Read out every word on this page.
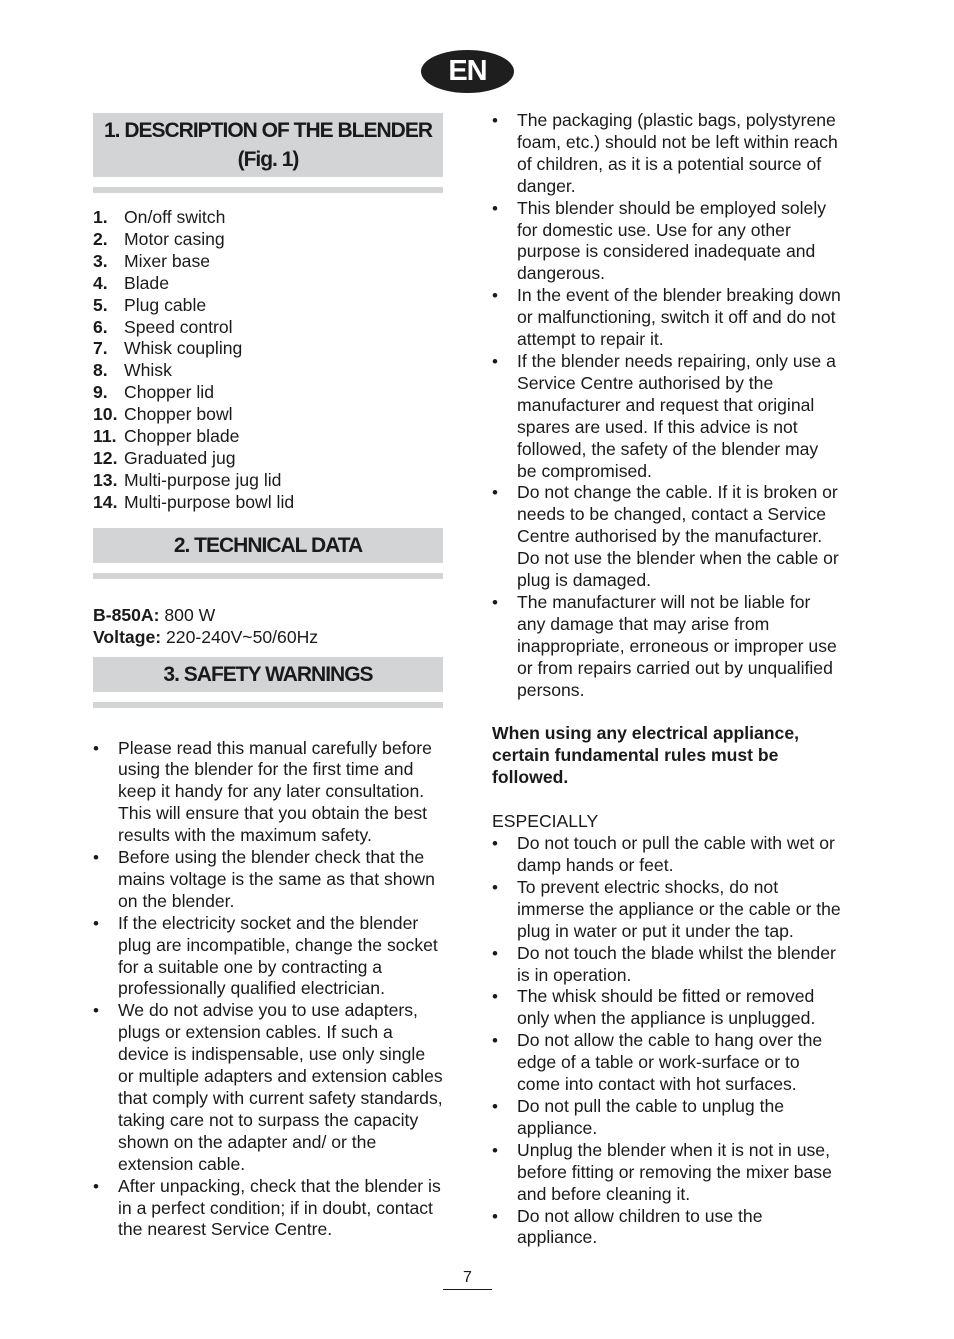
EN
1. DESCRIPTION OF THE BLENDER
(Fig. 1)
1. On/off switch
2. Motor casing
3. Mixer base
4. Blade
5. Plug cable
6. Speed control
7. Whisk coupling
8. Whisk
9. Chopper lid
10. Chopper bowl
11. Chopper blade
12. Graduated jug
13. Multi-purpose jug lid
14. Multi-purpose bowl lid
2. TECHNICAL DATA
B-850A: 800 W
Voltage: 220-240V~50/60Hz
3. SAFETY WARNINGS
• Please read this manual carefully before using the blender for the first time and keep it handy for any later consultation. This will ensure that you obtain the best results with the maximum safety.
• Before using the blender check that the mains voltage is the same as that shown on the blender.
• If the electricity socket and the blender plug are incompatible, change the socket for a suitable one by contracting a professionally qualified electrician.
• We do not advise you to use adapters, plugs or extension cables. If such a device is indispensable, use only single or multiple adapters and extension cables that comply with current safety standards, taking care not to surpass the capacity shown on the adapter and/ or the extension cable.
• After unpacking, check that the blender is in a perfect condition; if in doubt, contact the nearest Service Centre.
• The packaging (plastic bags, polystyrene foam, etc.) should not be left within reach of children, as it is a potential source of danger.
• This blender should be employed solely for domestic use. Use for any other purpose is considered inadequate and dangerous.
• In the event of the blender breaking down or malfunctioning, switch it off and do not attempt to repair it.
• If the blender needs repairing, only use a Service Centre authorised by the manufacturer and request that original spares are used. If this advice is not followed, the safety of the blender may be compromised.
• Do not change the cable. If it is broken or needs to be changed, contact a Service Centre authorised by the manufacturer. Do not use the blender when the cable or plug is damaged.
• The manufacturer will not be liable for any damage that may arise from inappropriate, erroneous or improper use or from repairs carried out by unqualified persons.
When using any electrical appliance, certain fundamental rules must be followed.
ESPECIALLY
• Do not touch or pull the cable with wet or damp hands or feet.
• To prevent electric shocks, do not immerse the appliance or the cable or the plug in water or put it under the tap.
• Do not touch the blade whilst the blender is in operation.
• The whisk should be fitted or removed only when the appliance is unplugged.
• Do not allow the cable to hang over the edge of a table or work-surface or to come into contact with hot surfaces.
• Do not pull the cable to unplug the appliance.
• Unplug the blender when it is not in use, before fitting or removing the mixer base and before cleaning it.
• Do not allow children to use the appliance.
7
